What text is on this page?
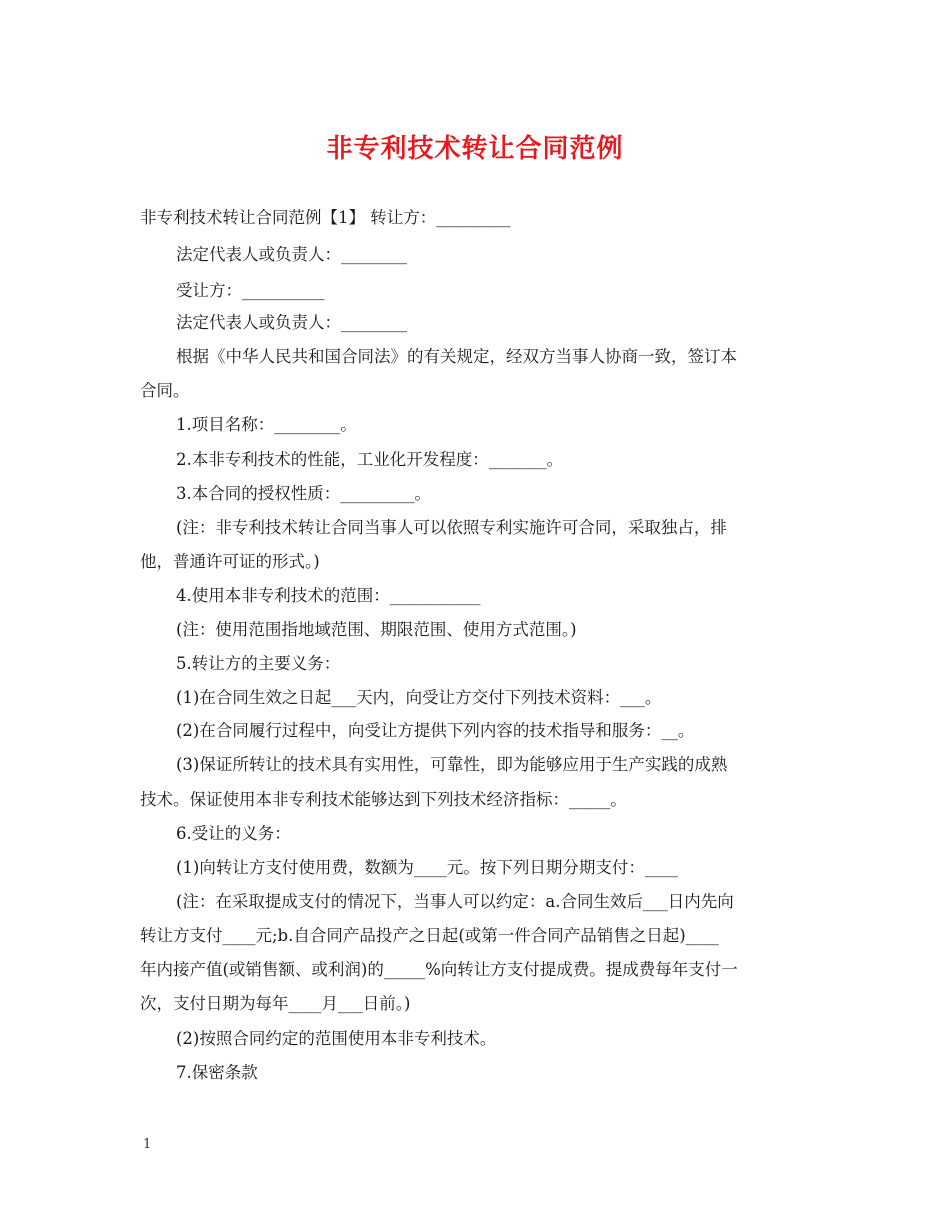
非专利技术转让合同范例
非专利技术转让合同范例【1】 转让方：_________
法定代表人或负责人：________
受让方：__________
法定代表人或负责人：________
根据《中华人民共和国合同法》的有关规定，经双方当事人协商一致，签订本
合同。
1.项目名称：________。
2.本非专利技术的性能，工业化开发程度：_______。
3.本合同的授权性质：_________。
(注：非专利技术转让合同当事人可以依照专利实施许可合同，采取独占，排
他，普通许可证的形式。)
4.使用本非专利技术的范围：___________
(注：使用范围指地域范围、期限范围、使用方式范围。)
5.转让方的主要义务：
(1)在合同生效之日起___天内，向受让方交付下列技术资料：___。
(2)在合同履行过程中，向受让方提供下列内容的技术指导和服务：__。
(3)保证所转让的技术具有实用性，可靠性，即为能够应用于生产实践的成熟
技术。保证使用本非专利技术能够达到下列技术经济指标：_____。
6.受让的义务：
(1)向转让方支付使用费，数额为____元。按下列日期分期支付：____
(注：在采取提成支付的情况下，当事人可以约定：a.合同生效后___日内先向
转让方支付____元;b.自合同产品投产之日起(或第一件合同产品销售之日起)____
年内接产值(或销售额、或利润)的_____%向转让方支付提成费。提成费每年支付一
次，支付日期为每年____月___日前。)
(2)按照合同约定的范围使用本非专利技术。
7.保密条款
1
